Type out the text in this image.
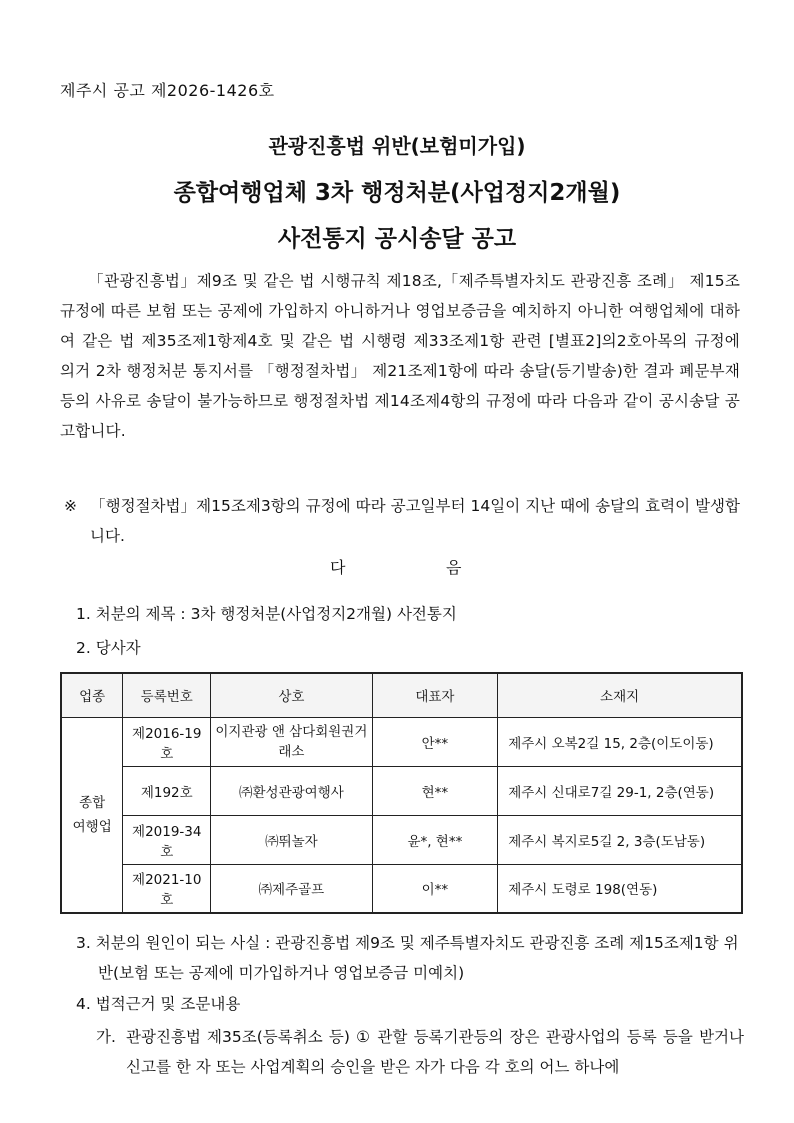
제주시 공고 제2026-1426호
관광진흥법 위반(보험미가입)
종합여행업체 3차 행정처분(사업정지2개월)
사전통지 공시송달 공고

「관광진흥법」제9조 및 같은 법 시행규칙 제18조,「제주특별자치도 관광진흥 조례」 제15조 규정에 따른 보험 또는 공제에 가입하지 아니하거나 영업보증금을 예치하지 아니한 여행업체에 대하여 같은 법 제35조제1항제4호 및 같은 법 시행령 제33조제1항 관련 [별표2]의2호아목의 규정에 의거 2차 행정처분 통지서를 「행정절차법」 제21조제1항에 따라 송달(등기발송)한 결과 폐문부재 등의 사유로 송달이 불가능하므로 행정절차법 제14조제4항의 규정에 따라 다음과 같이 공시송달 공고합니다.

※ 「행정절차법」제15조제3항의 규정에 따라 공고일부터 14일이 지난 때에 송달의 효력이 발생합니다.
다	음
1. 처분의 제목 : 3차 행정처분(사업정지2개월) 사전통지
2. 당사자
업종	등록번호	상호	대표자	소재지
종합
여행업	제2016-19호	이지관광 앤 삼다회원권거래소	안**	제주시 오복2길 15, 2층(이도이동)
	제192호	㈜환성관광여행사	현**	제주시 신대로7길 29-1, 2층(연동)
	제2019-34호	㈜뛰놀자	윤*, 현**	제주시 복지로5길 2, 3층(도남동)
	제2021-10호	㈜제주골프	이**	제주시 도령로 198(연동)
3. 처분의 원인이 되는 사실 : 관광진흥법 제9조 및 제주특별자치도 관광진흥 조례 제15조제1항 위반(보험 또는 공제에 미가입하거나 영업보증금 미예치)
4. 법적근거 및 조문내용
가. 관광진흥법 제35조(등록취소 등) ① 관할 등록기관등의 장은 관광사업의 등록 등을 받거나 신고를 한 자 또는 사업계획의 승인을 받은 자가 다음 각 호의 어느 하나에
